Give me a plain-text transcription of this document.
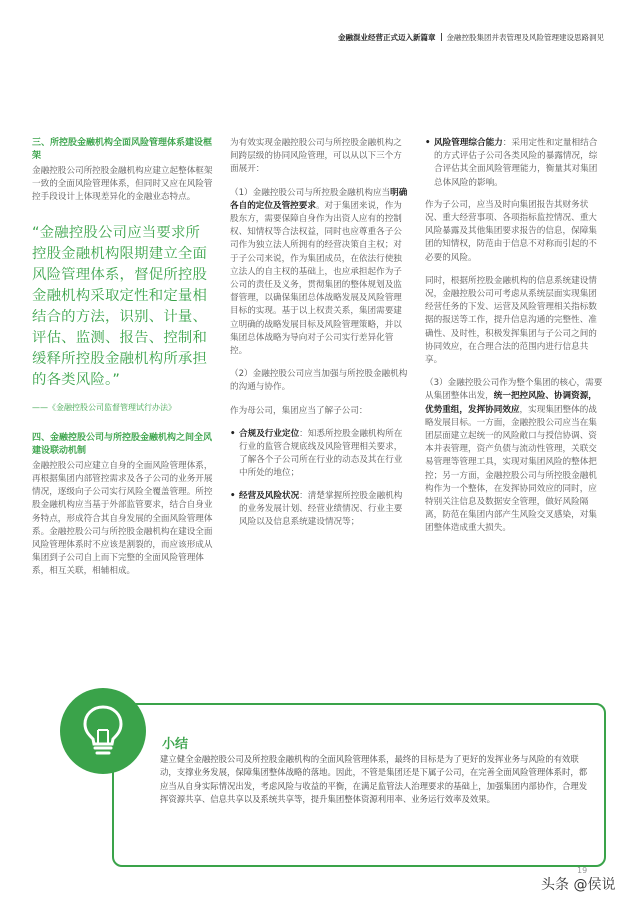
金融混业经营正式迈入新篇章 金融控股集团并表管理及风险管理建设思路洞见
三、所控股金融机构全面风险管理体系建设框架

金融控股公司所控股金融机构应建立起整体框架一致的全面风险管理体系，但同时又应在风险管控手段设计上体现差异化的金融业态特点。

“金融控股公司应当要求所控股金融机构限期建立全面风险管理体系，督促所控股金融机构采取定性和定量相结合的方法，识别、计量、评估、监测、报告、控制和缓释所控股金融机构所承担的各类风险。”
——《金融控股公司监督管理试行办法》
四、金融控股公司与所控股金融机构之间全风建设联动机制

金融控股公司应建立自身的全面风险管理体系，再根据集团内部管控需求及各子公司的业务开展情况，逐级向子公司实行风险全覆盖管理。所控股金融机构应当基于外部监管要求，结合自身业务特点，形成符合其自身发展的全面风险管理体系。金融控股公司与所控股金融机构在建设全面风险管理体系时不应该是割裂的，而应该形成从集团到子公司自上而下完整的全面风险管理体系，相互关联，相辅相成。

为有效实现金融控股公司与所控股金融机构之间跨层级的协同风险管理，可以从以下三个方面展开：

（1）金融控股公司与所控股金融机构应当明确各自的定位及管控要求。对于集团来说，作为股东方，需要保障自身作为出资人应有的控制权、知情权等合法权益，同时也应尊重各子公司作为独立法人所拥有的经营决策自主权；对于子公司来说，作为集团成员，在依法行使独立法人的自主权的基础上，也应承担起作为子公司的责任及义务，贯彻集团的整体规划及监督管理，以确保集团总体战略发展及风险管理目标的实现。基于以上权责关系，集团需要建立明确的战略发展目标及风险管理策略，并以集团总体战略为导向对子公司实行差异化管控。

（2）金融控股公司应当加强与所控股金融机构的沟通与协作。

作为母公司，集团应当了解子公司：

• 合规及行业定位：知悉所控股金融机构所在行业的监管合规底线及风险管理相关要求，了解各个子公司所在行业的动态及其在行业中所处的地位；
• 经营及风险状况：清楚掌握所控股金融机构的业务发展计划、经营业绩情况、行业主要风险以及信息系统建设情况等；
• 风险管理综合能力：采用定性和定量相结合的方式评估子公司各类风险的暴露情况，综合评估其全面风险管理能力，衡量其对集团总体风险的影响。

作为子公司，应当及时向集团报告其财务状况、重大经营事项、各项指标监控情况、重大风险暴露及其他集团要求报告的信息，保障集团的知情权，防范由于信息不对称而引起的不必要的风险。

同时，根据所控股金融机构的信息系统建设情况，金融控股公司可考虑从系统层面实现集团经营任务的下发、运营及风险管理相关指标数据的报送等工作，提升信息沟通的完整性、准确性、及时性，积极发挥集团与子公司之间的协同效应，在合理合法的范围内进行信息共享。

（3）金融控股公司作为整个集团的核心，需要从集团整体出发，统一把控风险、协调资源，优势重组，发挥协同效应，实现集团整体的战略发展目标。一方面，金融控股公司应当在集团层面建立起统一的风险敞口与授信协调、资本并表管理，资产负债与流动性管理，关联交易管理等管理工具，实现对集团风险的整体把控；另一方面，金融控股公司与所控股金融机构作为一个整体，在发挥协同效应的同时，应特别关注信息及数据安全管理，做好风险隔离，防范在集团内部产生风险交叉感染，对集团整体造成重大损失。

小结
建立健全金融控股公司及所控股金融机构的全面风险管理体系，最终的目标是为了更好的发挥业务与风险的有效联动，支撑业务发展，保障集团整体战略的落地。因此，不管是集团还是下属子公司，在完善全面风险管理体系时，都应当从自身实际情况出发，考虑风险与收益的平衡，在满足监管法人治理要求的基础上，加强集团内部协作，合理发挥资源共享、信息共享以及系统共享等，提升集团整体资源利用率、业务运行效率及效果。
19
头条 @侯说
